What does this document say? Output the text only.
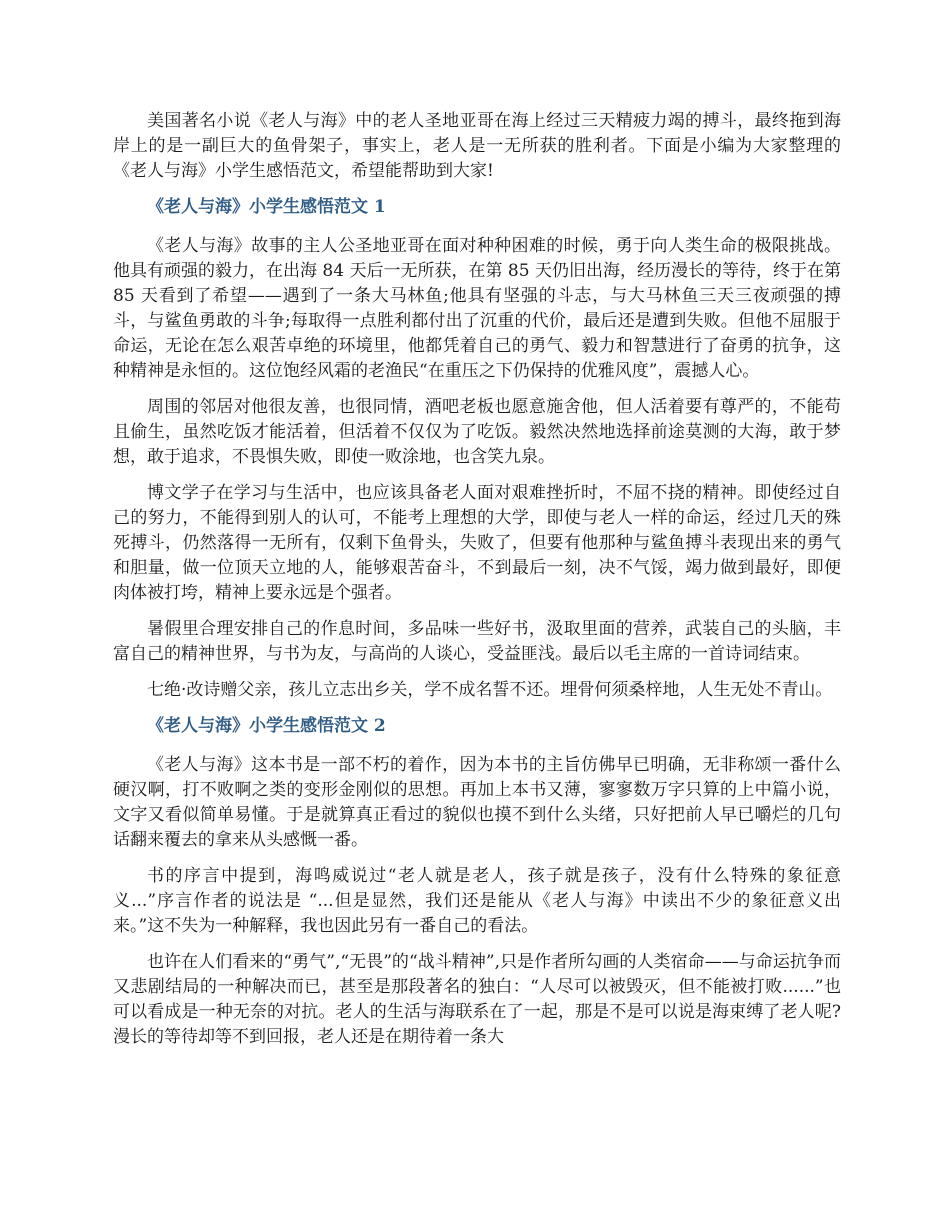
美国著名小说《老人与海》中的老人圣地亚哥在海上经过三天精疲力竭的搏斗，最终拖到海岸上的是一副巨大的鱼骨架子，事实上，老人是一无所获的胜利者。下面是小编为大家整理的《老人与海》小学生感悟范文，希望能帮助到大家!

《老人与海》小学生感悟范文 1

《老人与海》故事的主人公圣地亚哥在面对种种困难的时候，勇于向人类生命的极限挑战。他具有顽强的毅力，在出海 84 天后一无所获，在第 85 天仍旧出海，经历漫长的等待，终于在第 85 天看到了希望——遇到了一条大马林鱼;他具有坚强的斗志，与大马林鱼三天三夜顽强的搏斗，与鲨鱼勇敢的斗争;每取得一点胜利都付出了沉重的代价，最后还是遭到失败。但他不屈服于命运，无论在怎么艰苦卓绝的环境里，他都凭着自己的勇气、毅力和智慧进行了奋勇的抗争，这种精神是永恒的。这位饱经风霜的老渔民“在重压之下仍保持的优雅风度”，震撼人心。

周围的邻居对他很友善，也很同情，酒吧老板也愿意施舍他，但人活着要有尊严的，不能苟且偷生，虽然吃饭才能活着，但活着不仅仅为了吃饭。毅然决然地选择前途莫测的大海，敢于梦想，敢于追求，不畏惧失败，即使一败涂地，也含笑九泉。

博文学子在学习与生活中，也应该具备老人面对艰难挫折时，不屈不挠的精神。即使经过自己的努力，不能得到别人的认可，不能考上理想的大学，即使与老人一样的命运，经过几天的殊死搏斗，仍然落得一无所有，仅剩下鱼骨头，失败了，但要有他那种与鲨鱼搏斗表现出来的勇气和胆量，做一位顶天立地的人，能够艰苦奋斗，不到最后一刻，决不气馁，竭力做到最好，即便肉体被打垮，精神上要永远是个强者。

暑假里合理安排自己的作息时间，多品味一些好书，汲取里面的营养，武装自己的头脑，丰富自己的精神世界，与书为友，与高尚的人谈心，受益匪浅。最后以毛主席的一首诗词结束。

七绝·改诗赠父亲，孩儿立志出乡关，学不成名誓不还。埋骨何须桑梓地，人生无处不青山。

《老人与海》小学生感悟范文 2

《老人与海》这本书是一部不朽的着作，因为本书的主旨仿佛早已明确，无非称颂一番什么硬汉啊，打不败啊之类的变形金刚似的思想。再加上本书又薄，寥寥数万字只算的上中篇小说，文字又看似简单易懂。于是就算真正看过的貌似也摸不到什么头绪，只好把前人早已嚼烂的几句话翻来覆去的拿来从头感慨一番。

书的序言中提到，海鸣威说过“老人就是老人，孩子就是孩子，没有什么特殊的象征意义...”序言作者的说法是 “...但是显然，我们还是能从《老人与海》中读出不少的象征意义出来。”这不失为一种解释，我也因此另有一番自己的看法。

也许在人们看来的“勇气”,“无畏”的“战斗精神”,只是作者所勾画的人类宿命——与命运抗争而又悲剧结局的一种解决而已，甚至是那段著名的独白：“人尽可以被毁灭，但不能被打败......”也可以看成是一种无奈的对抗。老人的生活与海联系在了一起，那是不是可以说是海束缚了老人呢?漫长的等待却等不到回报，老人还是在期待着一条大
